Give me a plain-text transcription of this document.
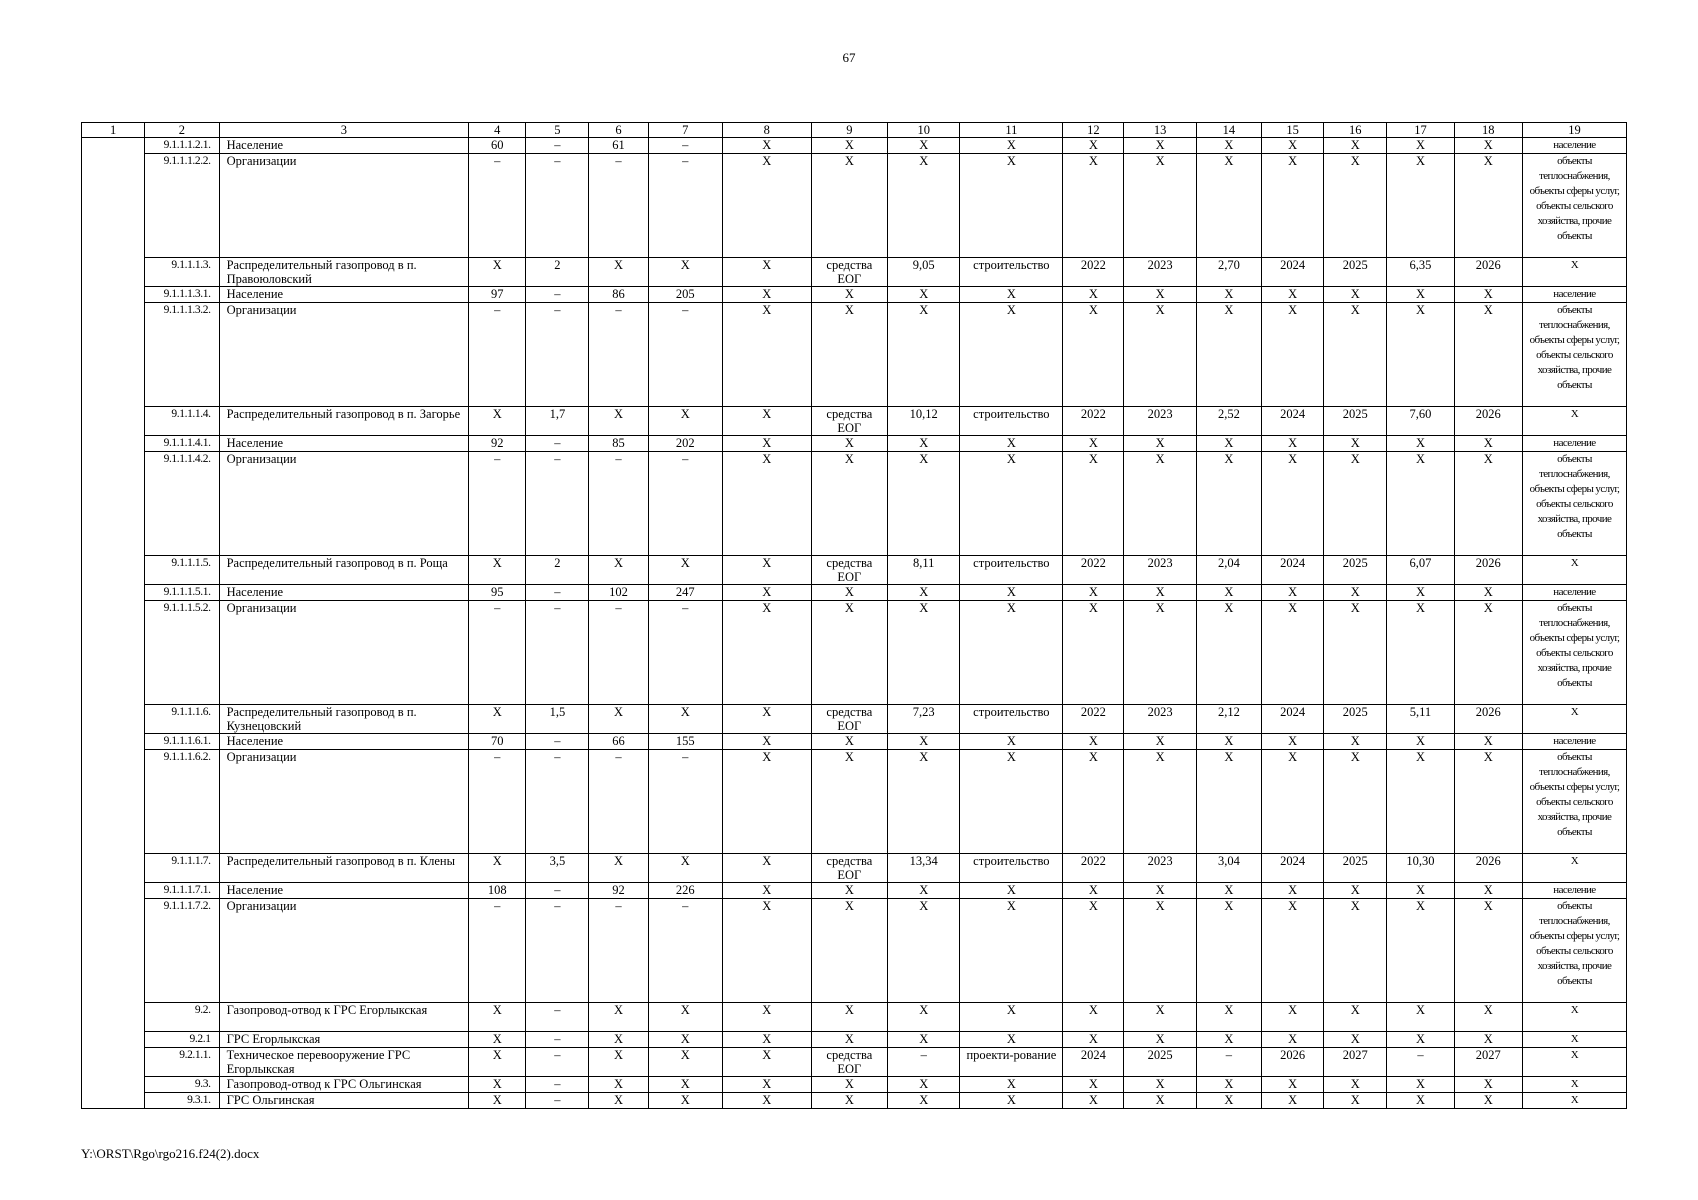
67
1	2	3	4	5	6	7	8	9	10	11	12	13	14	15	16	17	18	19
	9.1.1.1.2.1.	Население	60	–	61	–	X	X	X	X	X	X	X	X	X	X	X	население
	9.1.1.1.2.2.	Организации	–	–	–	–	X	X	X	X	X	X	X	X	X	X	X	объекты теплоснабжения, объекты сферы услуг, объекты сельского хозяйства, прочие объекты
	9.1.1.1.3.	Распределительный газопровод в п. Правоюловский	X	2	X	X	X	средства ЕОГ	9,05	строительство	2022	2023	2,70	2024	2025	6,35	2026	X
	9.1.1.1.3.1.	Население	97	–	86	205	X	X	X	X	X	X	X	X	X	X	X	население
	9.1.1.1.3.2.	Организации	–	–	–	–	X	X	X	X	X	X	X	X	X	X	X	объекты теплоснабжения, объекты сферы услуг, объекты сельского хозяйства, прочие объекты
	9.1.1.1.4.	Распределительный газопровод в п. Загорье	X	1,7	X	X	X	средства ЕОГ	10,12	строительство	2022	2023	2,52	2024	2025	7,60	2026	X
	9.1.1.1.4.1.	Население	92	–	85	202	X	X	X	X	X	X	X	X	X	X	X	население
	9.1.1.1.4.2.	Организации	–	–	–	–	X	X	X	X	X	X	X	X	X	X	X	объекты теплоснабжения, объекты сферы услуг, объекты сельского хозяйства, прочие объекты
	9.1.1.1.5.	Распределительный газопровод в п. Роща	X	2	X	X	X	средства ЕОГ	8,11	строительство	2022	2023	2,04	2024	2025	6,07	2026	X
	9.1.1.1.5.1.	Население	95	–	102	247	X	X	X	X	X	X	X	X	X	X	X	население
	9.1.1.1.5.2.	Организации	–	–	–	–	X	X	X	X	X	X	X	X	X	X	X	объекты теплоснабжения, объекты сферы услуг, объекты сельского хозяйства, прочие объекты
	9.1.1.1.6.	Распределительный газопровод в п. Кузнецовский	X	1,5	X	X	X	средства ЕОГ	7,23	строительство	2022	2023	2,12	2024	2025	5,11	2026	X
	9.1.1.1.6.1.	Население	70	–	66	155	X	X	X	X	X	X	X	X	X	X	X	население
	9.1.1.1.6.2.	Организации	–	–	–	–	X	X	X	X	X	X	X	X	X	X	X	объекты теплоснабжения, объекты сферы услуг, объекты сельского хозяйства, прочие объекты
	9.1.1.1.7.	Распределительный газопровод в п. Клены	X	3,5	X	X	X	средства ЕОГ	13,34	строительство	2022	2023	3,04	2024	2025	10,30	2026	X
	9.1.1.1.7.1.	Население	108	–	92	226	X	X	X	X	X	X	X	X	X	X	X	население
	9.1.1.1.7.2.	Организации	–	–	–	–	X	X	X	X	X	X	X	X	X	X	X	объекты теплоснабжения, объекты сферы услуг, объекты сельского хозяйства, прочие объекты
	9.2.	Газопровод-отвод к ГРС Егорлыкская	X	–	X	X	X	X	X	X	X	X	X	X	X	X	X	X
	9.2.1	ГРС Егорлыкская	X	–	X	X	X	X	X	X	X	X	X	X	X	X	X	X
	9.2.1.1.	Техническое перевооружение ГРС Егорлыкская	X	–	X	X	X	средства ЕОГ	–	проекти-рование	2024	2025	–	2026	2027	–	2027	X
	9.3.	Газопровод-отвод к ГРС Ольгинская	X	–	X	X	X	X	X	X	X	X	X	X	X	X	X	X
	9.3.1.	ГРС Ольгинская	X	–	X	X	X	X	X	X	X	X	X	X	X	X	X	X
Y:\ORST\Rgo\rgo216.f24(2).docx
